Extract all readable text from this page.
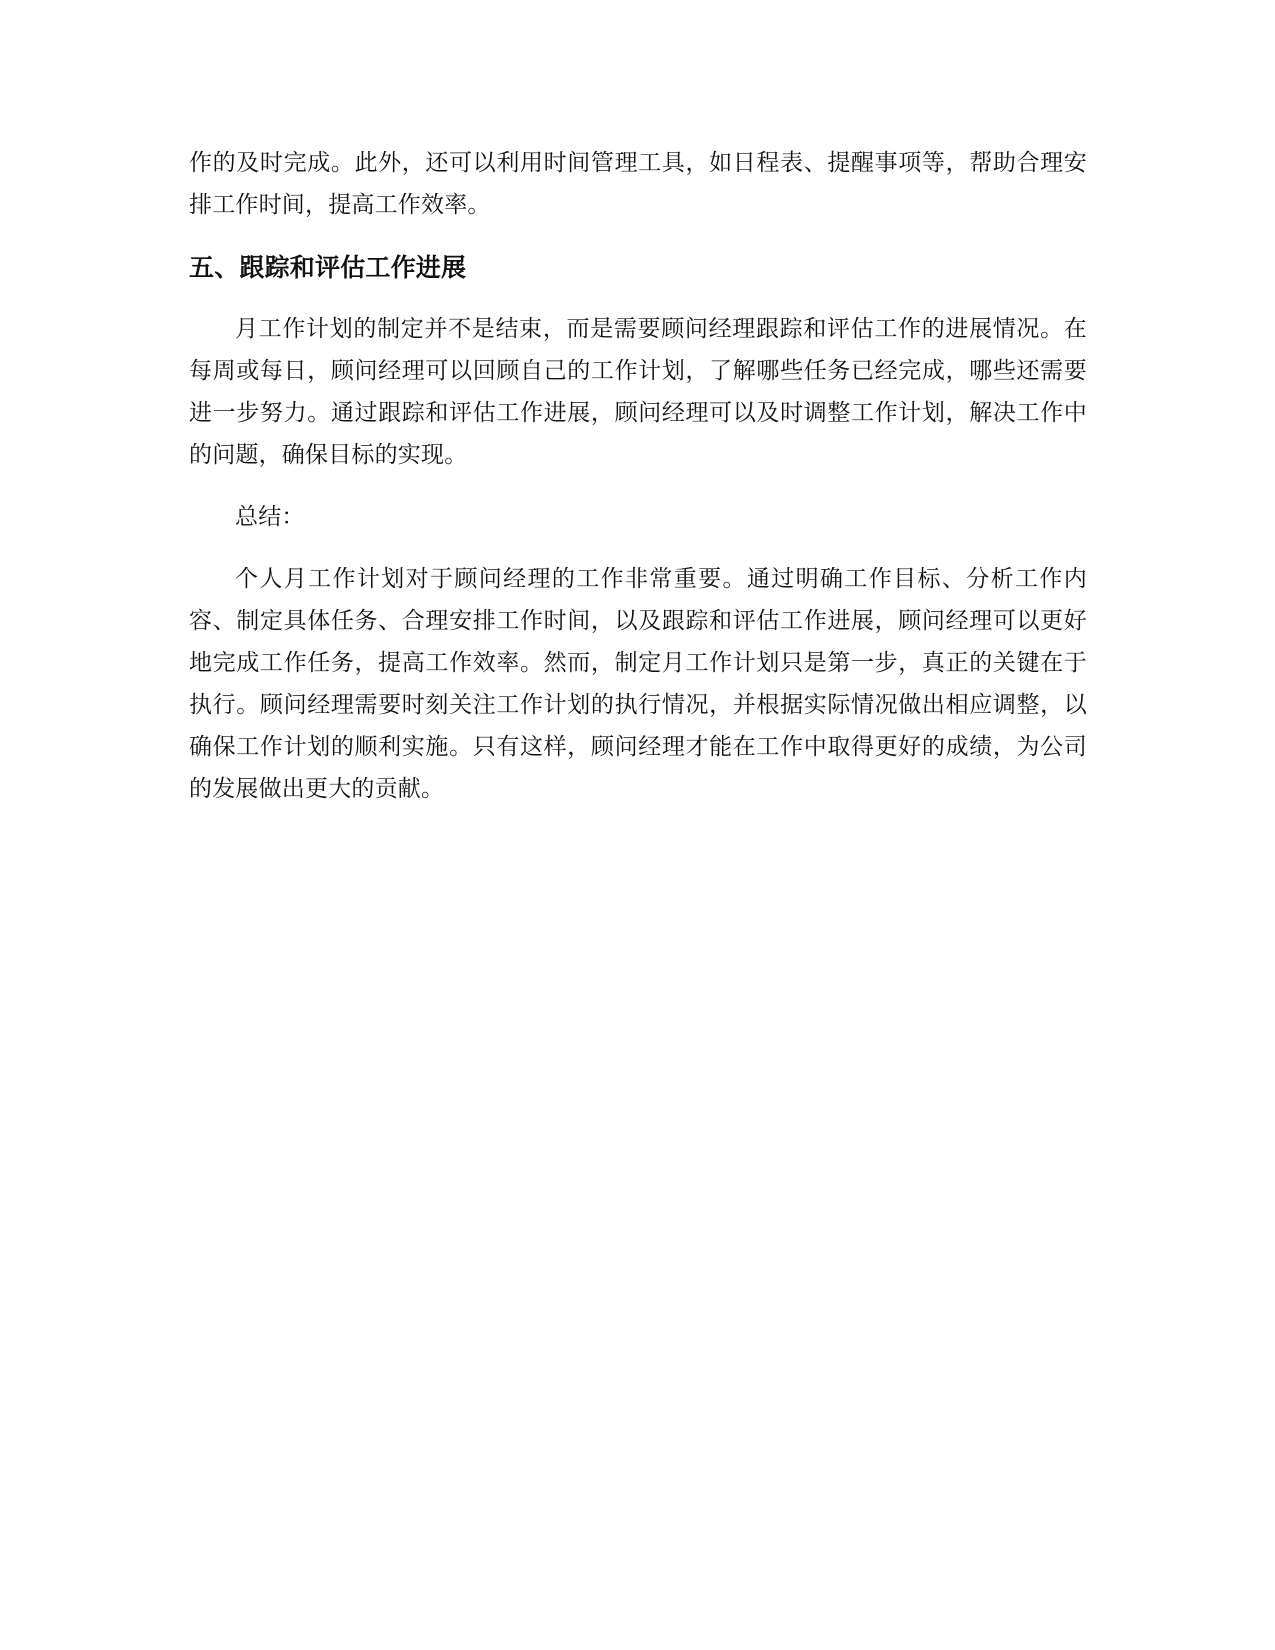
作的及时完成。此外，还可以利用时间管理工具，如日程表、提醒事项等，帮助合理安排工作时间，提高工作效率。

五、跟踪和评估工作进展

月工作计划的制定并不是结束，而是需要顾问经理跟踪和评估工作的进展情况。在每周或每日，顾问经理可以回顾自己的工作计划，了解哪些任务已经完成，哪些还需要进一步努力。通过跟踪和评估工作进展，顾问经理可以及时调整工作计划，解决工作中的问题，确保目标的实现。

总结：

个人月工作计划对于顾问经理的工作非常重要。通过明确工作目标、分析工作内容、制定具体任务、合理安排工作时间，以及跟踪和评估工作进展，顾问经理可以更好地完成工作任务，提高工作效率。然而，制定月工作计划只是第一步，真正的关键在于执行。顾问经理需要时刻关注工作计划的执行情况，并根据实际情况做出相应调整，以确保工作计划的顺利实施。只有这样，顾问经理才能在工作中取得更好的成绩，为公司的发展做出更大的贡献。
